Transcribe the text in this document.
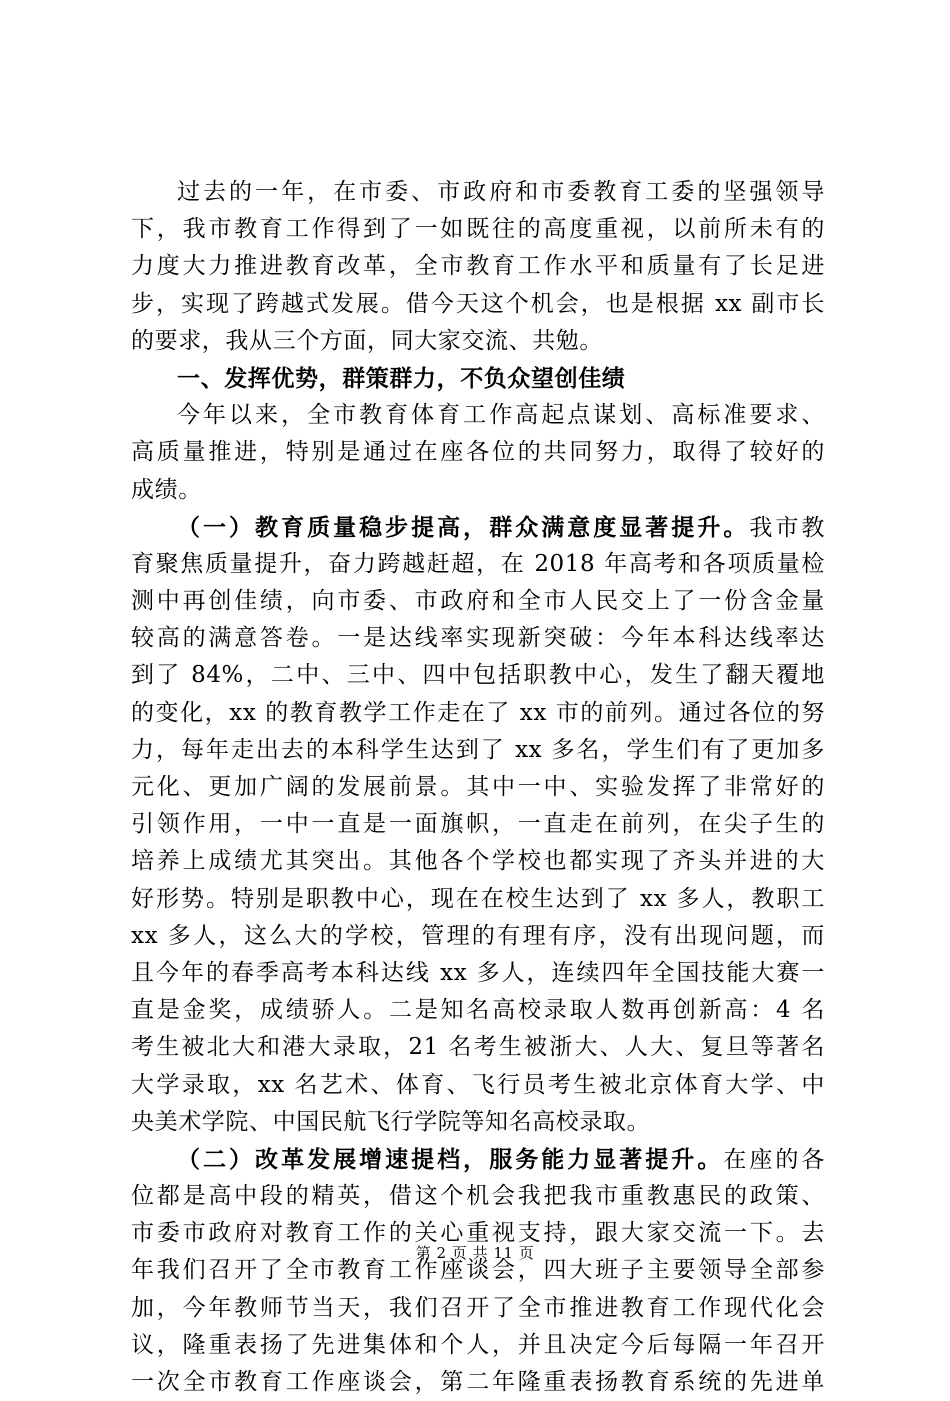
过去的一年，在市委、市政府和市委教育工委的坚强领导
下，我市教育工作得到了一如既往的高度重视，以前所未有的
力度大力推进教育改革，全市教育工作水平和质量有了长足进
步，实现了跨越式发展。借今天这个机会，也是根据 xx 副市长
的要求，我从三个方面，同大家交流、共勉。
一、发挥优势，群策群力，不负众望创佳绩
今年以来，全市教育体育工作高起点谋划、高标准要求、
高质量推进，特别是通过在座各位的共同努力，取得了较好的
成绩。
（一）教育质量稳步提高，群众满意度显著提升。我市教
育聚焦质量提升，奋力跨越赶超，在 2018 年高考和各项质量检
测中再创佳绩，向市委、市政府和全市人民交上了一份含金量
较高的满意答卷。一是达线率实现新突破：今年本科达线率达
到了 84%，二中、三中、四中包括职教中心，发生了翻天覆地
的变化，xx 的教育教学工作走在了 xx 市的前列。通过各位的努
力，每年走出去的本科学生达到了 xx 多名，学生们有了更加多
元化、更加广阔的发展前景。其中一中、实验发挥了非常好的
引领作用，一中一直是一面旗帜，一直走在前列，在尖子生的
培养上成绩尤其突出。其他各个学校也都实现了齐头并进的大
好形势。特别是职教中心，现在在校生达到了 xx 多人，教职工
xx 多人，这么大的学校，管理的有理有序，没有出现问题，而
且今年的春季高考本科达线 xx 多人，连续四年全国技能大赛一
直是金奖，成绩骄人。二是知名高校录取人数再创新高：4 名
考生被北大和港大录取，21 名考生被浙大、人大、复旦等著名
大学录取，xx 名艺术、体育、飞行员考生被北京体育大学、中
央美术学院、中国民航飞行学院等知名高校录取。
（二）改革发展增速提档，服务能力显著提升。在座的各
位都是高中段的精英，借这个机会我把我市重教惠民的政策、
市委市政府对教育工作的关心重视支持，跟大家交流一下。去
年我们召开了全市教育工作座谈会，四大班子主要领导全部参
加，今年教师节当天，我们召开了全市推进教育工作现代化会
议，隆重表扬了先进集体和个人，并且决定今后每隔一年召开
一次全市教育工作座谈会，第二年隆重表扬教育系统的先进单
第 2 页 共 11 页
